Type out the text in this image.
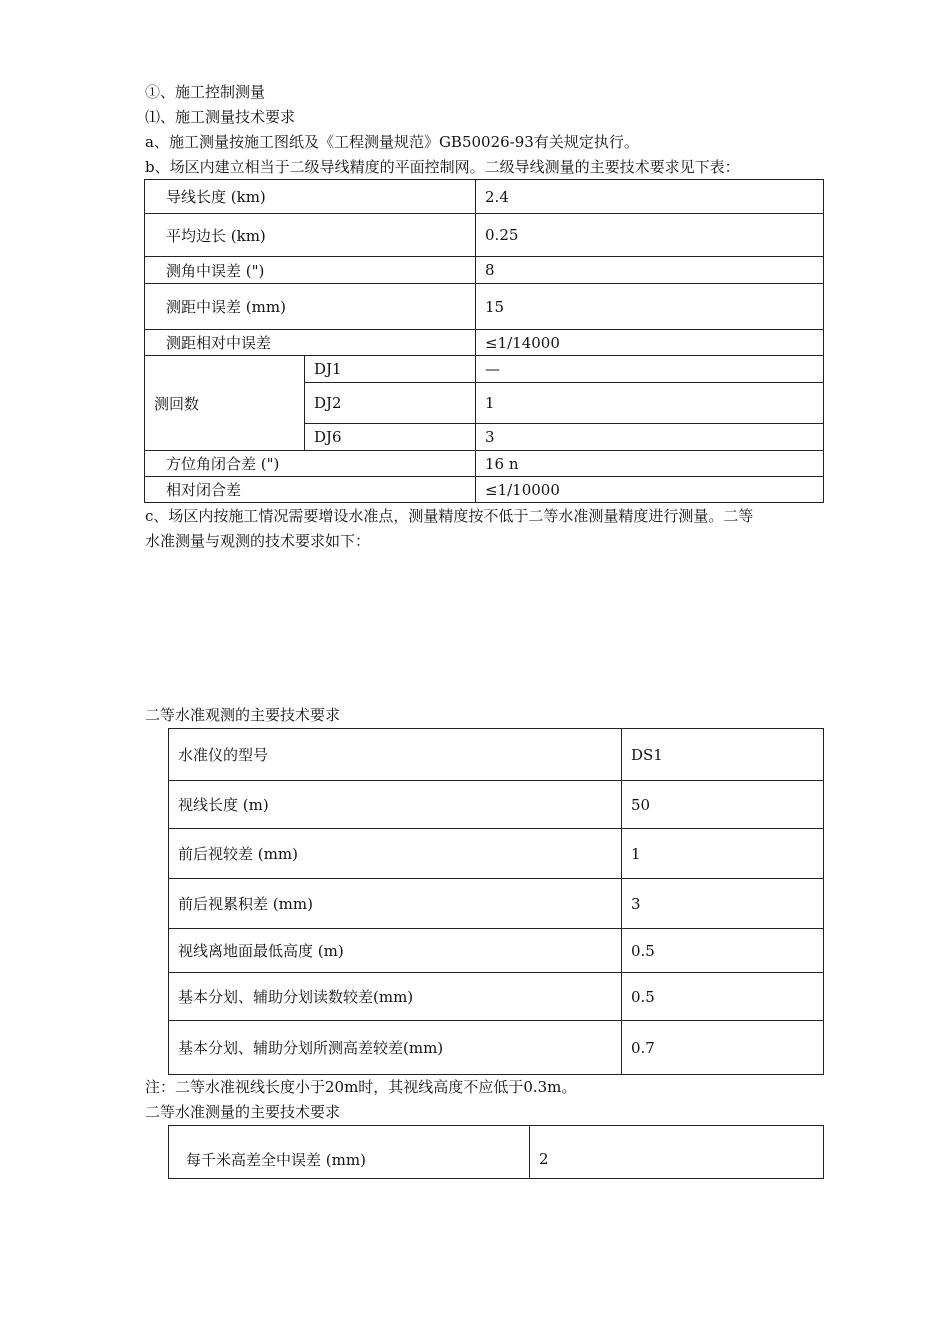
①、施工控制测量
⑴、施工测量技术要求
a、施工测量按施工图纸及《工程测量规范》GB50026-93有关规定执行。
b、场区内建立相当于二级导线精度的平面控制网。二级导线测量的主要技术要求见下表：
导线长度 (km)		2.4
平均边长 (km)		0.25
测角中误差 (")		8
测距中误差 (mm)		15
测距相对中误差		≤1/14000
测回数	DJ1	—
	DJ2	1
	DJ6	3
方位角闭合差 (")		16 n
相对闭合差		≤1/10000
c、场区内按施工情况需要增设水准点，测量精度按不低于二等水准测量精度进行测量。二等
水准测量与观测的技术要求如下：
二等水准观测的主要技术要求
水准仪的型号	DS1
视线长度 (m)	50
前后视较差 (mm)	1
前后视累积差 (mm)	3
视线离地面最低高度 (m)	0.5
基本分划、辅助分划读数较差(mm)	0.5
基本分划、辅助分划所测高差较差(mm)	0.7
注：二等水准视线长度小于20m时，其视线高度不应低于0.3m。
二等水准测量的主要技术要求
每千米高差全中误差 (mm)	2
